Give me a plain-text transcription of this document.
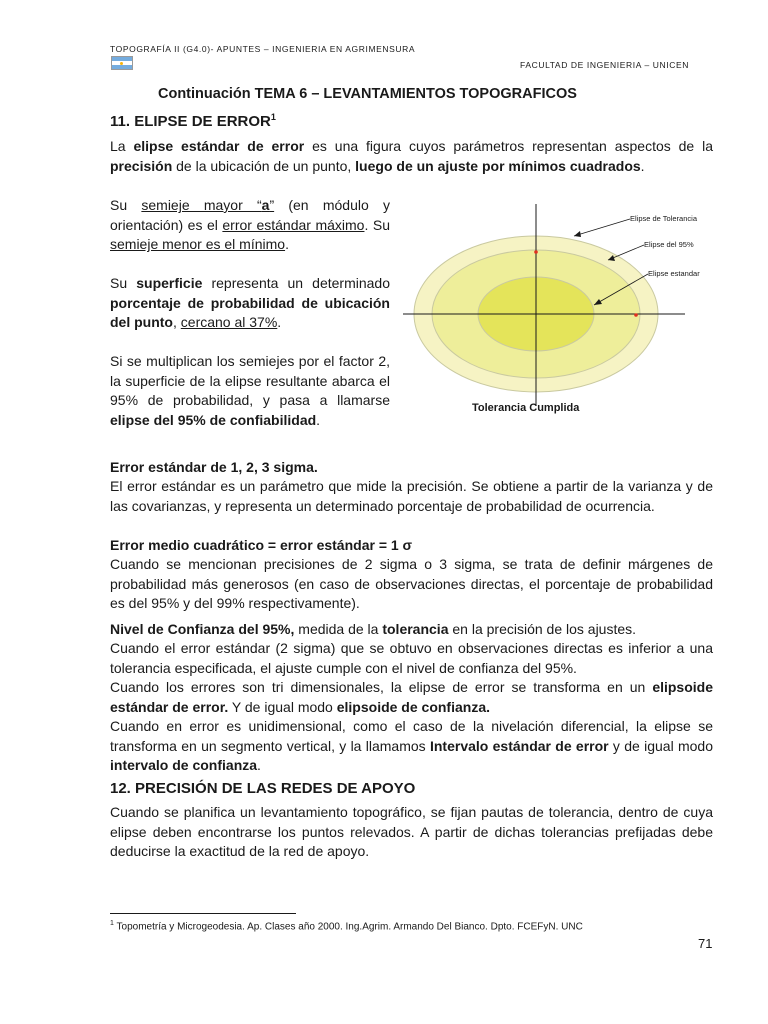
TOPOGRAFÍA II (G4.0)- APUNTES – INGENIERIA EN AGRIMENSURA
FACULTAD DE INGENIERIA – UNICEN
Continuación TEMA 6 – LEVANTAMIENTOS TOPOGRAFICOS
11. ELIPSE DE ERROR$^1$
La elipse estándar de error es una figura cuyos parámetros representan aspectos de la precisión de la ubicación de un punto, luego de un ajuste por mínimos cuadrados.
Su semieje mayor “a” (en módulo y orientación) es el error estándar máximo. Su semieje menor es el mínimo.
Su superficie representa un determinado porcentaje de probabilidad de ubicación del punto, cercano al 37%.
Si se multiplican los semiejes por el factor 2, la superficie de la elipse resultante abarca el 95% de probabilidad, y pasa a llamarse elipse del 95% de confiabilidad.
Elipse de Tolerancia
Elipse del 95%
Elipse estandar
Tolerancia Cumplida
Error estándar de 1, 2, 3 sigma.
El error estándar es un parámetro que mide la precisión. Se obtiene a partir de la varianza y de las covarianzas, y representa un determinado porcentaje de probabilidad de ocurrencia.
Error medio cuadrático = error estándar = 1 σ
Cuando se mencionan precisiones de 2 sigma o 3 sigma, se trata de definir márgenes de probabilidad más generosos (en caso de observaciones directas, el porcentaje de probabilidad es del 95% y del 99% respectivamente).
Nivel de Confianza del 95%, medida de la tolerancia en la precisión de los ajustes.
Cuando el error estándar (2 sigma) que se obtuvo en observaciones directas es inferior a una tolerancia especificada, el ajuste cumple con el nivel de confianza del 95%.
Cuando los errores son tri dimensionales, la elipse de error se transforma en un elipsoide estándar de error. Y de igual modo elipsoide de confianza.
Cuando en error es unidimensional, como el caso de la nivelación diferencial, la elipse se transforma en un segmento vertical, y la llamamos Intervalo estándar de error y de igual modo intervalo de confianza.
12. PRECISIÓN DE LAS REDES DE APOYO
Cuando se planifica un levantamiento topográfico, se fijan pautas de tolerancia, dentro de cuya elipse deben encontrarse los puntos relevados. A partir de dichas tolerancias prefijadas debe deducirse la exactitud de la red de apoyo.
$^1$ Topometría y Microgeodesia. Ap. Clases año 2000. Ing.Agrim. Armando Del Bianco. Dpto. FCEFyN. UNC
71
